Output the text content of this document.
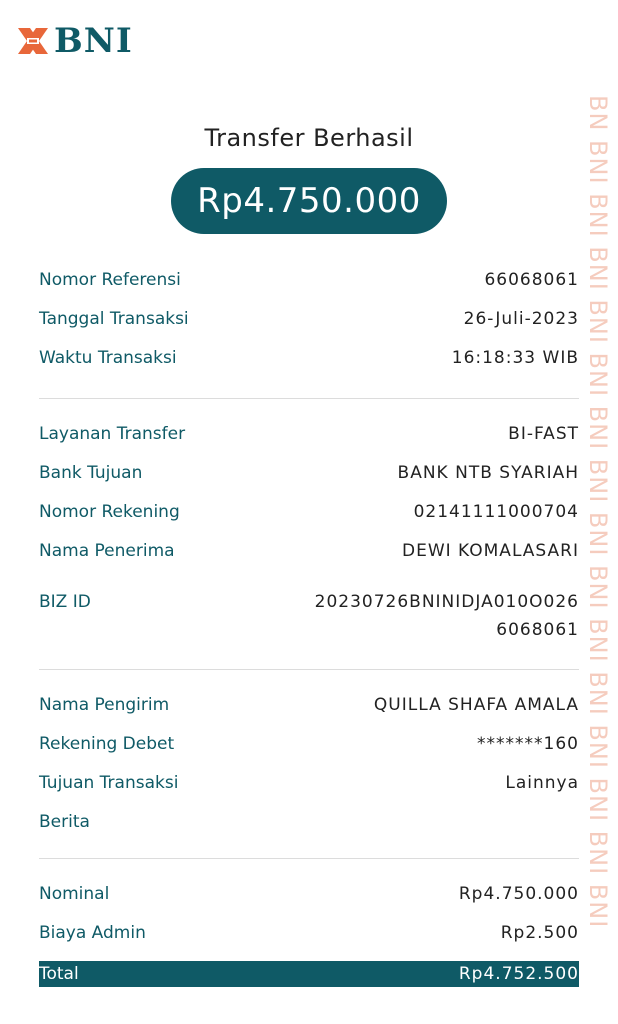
BNI
BN BNI BNI BNI BNI BNI BNI BNI BNI BNI BNI BNI BNI BNI BNI BNI
Transfer Berhasil
Rp4.750.000
Nomor Referensi	66068061
Tanggal Transaksi	26-Juli-2023
Waktu Transaksi	16:18:33 WIB
Layanan Transfer	BI-FAST
Bank Tujuan	BANK NTB SYARIAH
Nomor Rekening	02141111000704
Nama Penerima	DEWI KOMALASARI
BIZ ID	20230726BNINIDJA010O026
6068061
Nama Pengirim	QUILLA SHAFA AMALA
Rekening Debet	*******160
Tujuan Transaksi	Lainnya
Berita
Nominal	Rp4.750.000
Biaya Admin	Rp2.500
Total	Rp4.752.500
